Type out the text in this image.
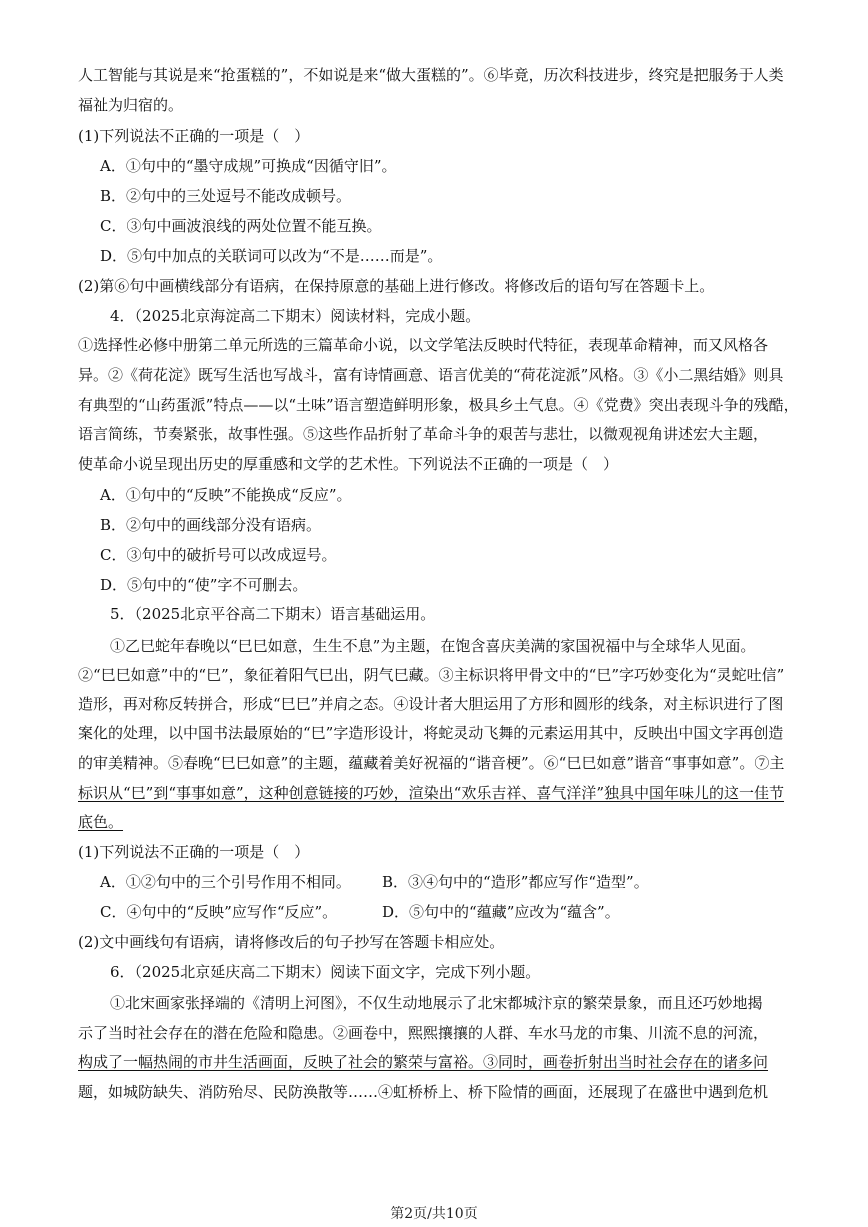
人工智能与其说是来“抢蛋糕的”，不如说是来“做大蛋糕的”。⑥毕竟，历次科技进步，终究是把服务于人类
福祉为归宿的。
(1)下列说法不正确的一项是（　）
A．①句中的“墨守成规”可换成“因循守旧”。
B．②句中的三处逗号不能改成顿号。
C．③句中画波浪线的两处位置不能互换。
D．⑤句中加点的关联词可以改为“不是……而是”。
(2)第⑥句中画横线部分有语病，在保持原意的基础上进行修改。将修改后的语句写在答题卡上。
4．（2025北京海淀高二下期末）阅读材料，完成小题。
①选择性必修中册第二单元所选的三篇革命小说，以文学笔法反映时代特征，表现革命精神，而又风格各
异。②《荷花淀》既写生活也写战斗，富有诗情画意、语言优美的“荷花淀派”风格。③《小二黑结婚》则具
有典型的“山药蛋派”特点——以“土味”语言塑造鲜明形象，极具乡土气息。④《党费》突出表现斗争的残酷，
语言简练，节奏紧张，故事性强。⑤这些作品折射了革命斗争的艰苦与悲壮，以微观视角讲述宏大主题，
使革命小说呈现出历史的厚重感和文学的艺术性。下列说法不正确的一项是（　）
A．①句中的“反映”不能换成“反应”。
B．②句中的画线部分没有语病。
C．③句中的破折号可以改成逗号。
D．⑤句中的“使”字不可删去。
5．（2025北京平谷高二下期末）语言基础运用。
①乙巳蛇年春晚以“巳巳如意，生生不息”为主题，在饱含喜庆美满的家国祝福中与全球华人见面。
②“巳巳如意”中的“巳”，象征着阳气巳出，阴气巳藏。③主标识将甲骨文中的“巳”字巧妙变化为“灵蛇吐信”
造形，再对称反转拼合，形成“巳巳”并肩之态。④设计者大胆运用了方形和圆形的线条，对主标识进行了图
案化的处理，以中国书法最原始的“巳”字造形设计，将蛇灵动飞舞的元素运用其中，反映出中国文字再创造
的审美精神。⑤春晚“巳巳如意”的主题，蕴藏着美好祝福的“谐音梗”。⑥“巳巳如意”谐音“事事如意”。⑦主
标识从“巳”到“事事如意”，这种创意链接的巧妙，渲染出“欢乐吉祥、喜气洋洋”独具中国年味儿的这一佳节
底色。
(1)下列说法不正确的一项是（　）
A．①②句中的三个引号作用不相同。 B．③④句中的“造形”都应写作“造型”。
C．④句中的“反映”应写作“反应”。	D．⑤句中的“蕴藏”应改为“蕴含”。
(2)文中画线句有语病，请将修改后的句子抄写在答题卡相应处。
6．（2025北京延庆高二下期末）阅读下面文字，完成下列小题。
①北宋画家张择端的《清明上河图》，不仅生动地展示了北宋都城汴京的繁荣景象，而且还巧妙地揭
示了当时社会存在的潜在危险和隐患。②画卷中，熙熙攘攘的人群、车水马龙的市集、川流不息的河流，
构成了一幅热闹的市井生活画面，反映了社会的繁荣与富裕。③同时，画卷折射出当时社会存在的诸多问
题，如城防缺失、消防殆尽、民防涣散等……④虹桥桥上、桥下险情的画面，还展现了在盛世中遇到危机
第2页/共10页
